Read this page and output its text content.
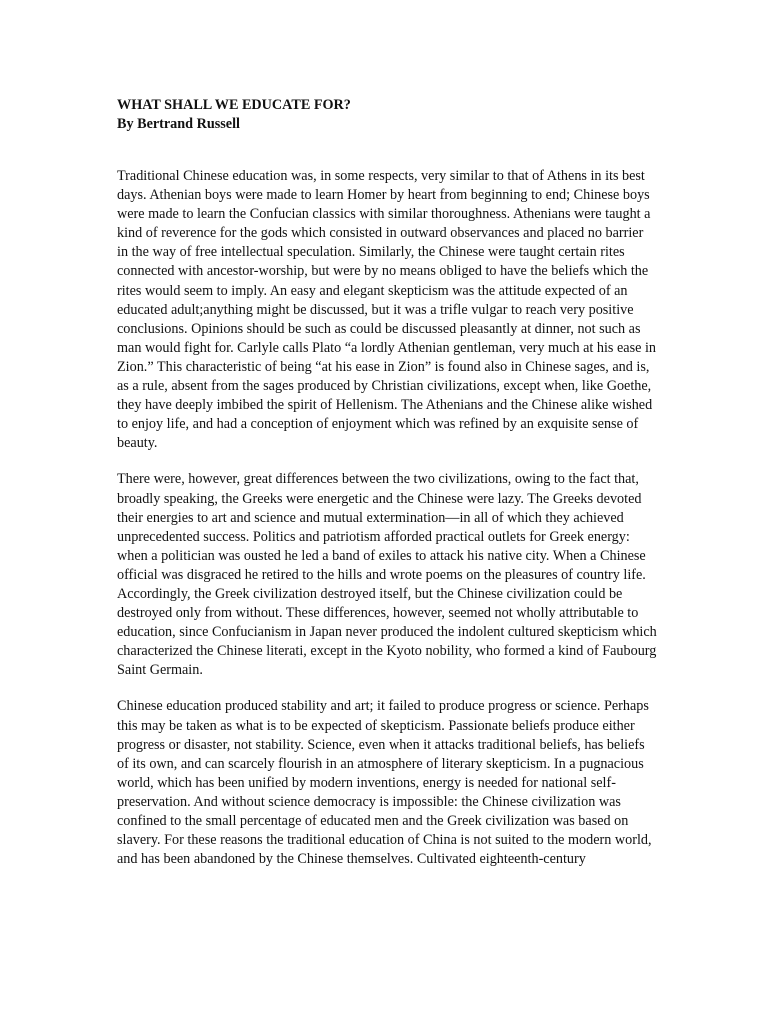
WHAT SHALL WE EDUCATE FOR?
By Bertrand Russell

Traditional Chinese education was, in some respects, very similar to that of Athens in its best days. Athenian boys were made to learn Homer by heart from beginning to end; Chinese boys were made to learn the Confucian classics with similar thoroughness. Athenians were taught a kind of reverence for the gods which consisted in outward observances and placed no barrier in the way of free intellectual speculation. Similarly, the Chinese were taught certain rites connected with ancestor-worship, but were by no means obliged to have the beliefs which the rites would seem to imply. An easy and elegant skepticism was the attitude expected of an educated adult;anything might be discussed, but it was a trifle vulgar to reach very positive conclusions. Opinions should be such as could be discussed pleasantly at dinner, not such as man would fight for. Carlyle calls Plato “a lordly Athenian gentleman, very much at his ease in Zion.” This characteristic of being “at his ease in Zion” is found also in Chinese sages, and is, as a rule, absent from the sages produced by Christian civilizations, except when, like Goethe, they have deeply imbibed the spirit of Hellenism. The Athenians and the Chinese alike wished to enjoy life, and had a conception of enjoyment which was refined by an exquisite sense of beauty.

There were, however, great differences between the two civilizations, owing to the fact that, broadly speaking, the Greeks were energetic and the Chinese were lazy. The Greeks devoted their energies to art and science and mutual extermination—in all of which they achieved unprecedented success. Politics and patriotism afforded practical outlets for Greek energy: when a politician was ousted he led a band of exiles to attack his native city. When a Chinese official was disgraced he retired to the hills and wrote poems on the pleasures of country life. Accordingly, the Greek civilization destroyed itself, but the Chinese civilization could be destroyed only from without. These differences, however, seemed not wholly attributable to education, since Confucianism in Japan never produced the indolent cultured skepticism which characterized the Chinese literati, except in the Kyoto nobility, who formed a kind of Faubourg Saint Germain.

Chinese education produced stability and art; it failed to produce progress or science. Perhaps this may be taken as what is to be expected of skepticism. Passionate beliefs produce either progress or disaster, not stability. Science, even when it attacks traditional beliefs, has beliefs of its own, and can scarcely flourish in an atmosphere of literary skepticism. In a pugnacious world, which has been unified by modern inventions, energy is needed for national self-preservation. And without science democracy is impossible: the Chinese civilization was confined to the small percentage of educated men and the Greek civilization was based on slavery. For these reasons the traditional education of China is not suited to the modern world, and has been abandoned by the Chinese themselves. Cultivated eighteenth-century
